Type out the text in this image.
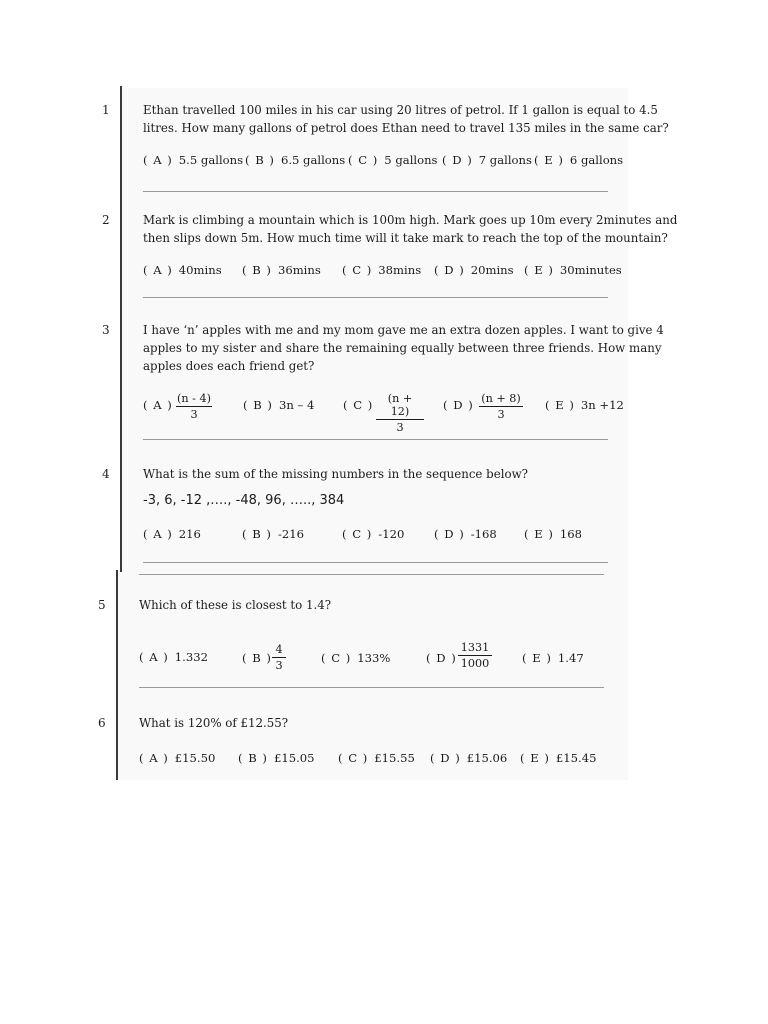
1	Ethan travelled 100 miles in his car using 20 litres of petrol. If 1 gallon is equal to 4.5
litres. How many gallons of petrol does Ethan need to travel 135 miles in the same car?
( A ) 5.5 gallons ( B ) 6.5 gallons ( C ) 5 gallons ( D ) 7 gallons ( E ) 6 gallons
2	Mark is climbing a mountain which is 100m high. Mark goes up 10m every 2minutes and
then slips down 5m. How much time will it take mark to reach the top of the mountain?
( A ) 40mins ( B ) 36mins ( C ) 38mins ( D ) 20mins ( E ) 30minutes
3	I have ‘n’ apples with me and my mom gave me an extra dozen apples. I want to give 4
apples to my sister and share the remaining equally between three friends. How many
apples does each friend get?
( A ) $\frac{(n - 4)}{3}$	( B ) 3n – 4 ( C ) $\frac{(n + 12)}{3}$ ( D ) $\frac{(n + 8)}{3}$ ( E ) 3n +12
4	What is the sum of the missing numbers in the sequence below?
-3, 6, -12 ,…., -48, 96, ….., 384
( A ) 216	( B ) -216	( C ) -120	( D ) -168 ( E ) 168
5	Which of these is closest to 1.4?
( A ) 1.332	( B ) $\frac{4}{3}$	( C ) 133%	( D ) $\frac{1331}{1000}$	( E ) 1.47
6	What is 120% of £12.55?
( A ) £15.50 ( B ) £15.05 ( C ) £15.55 ( D ) £15.06 ( E ) £15.45
